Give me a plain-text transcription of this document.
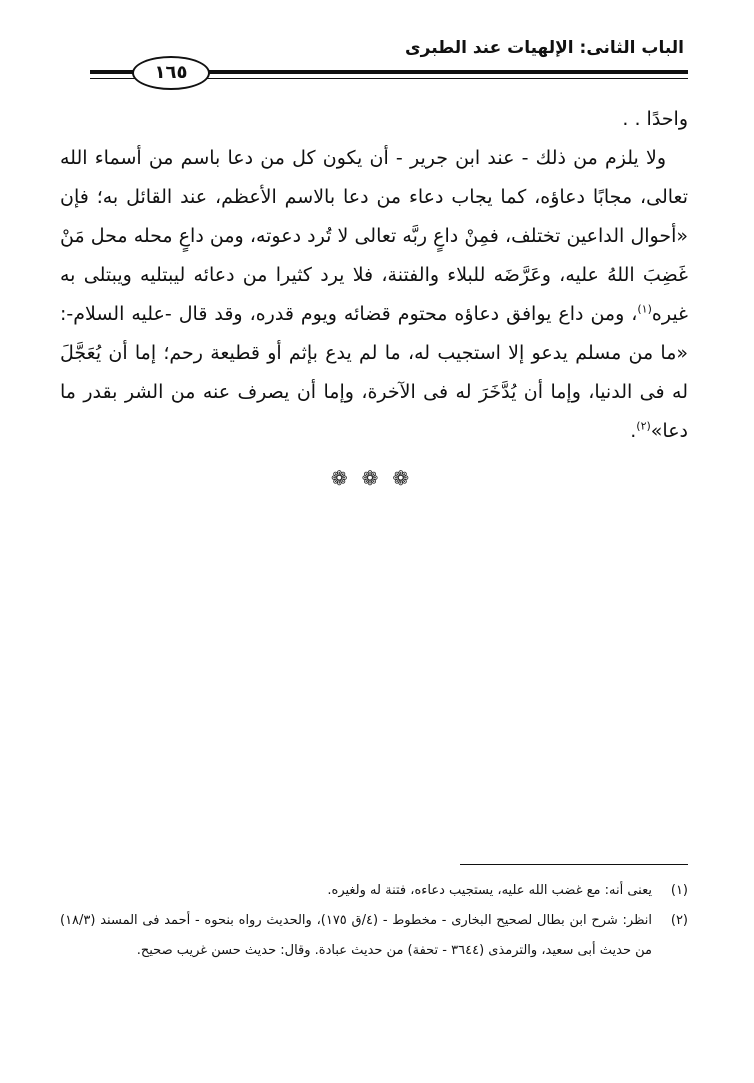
الباب الثانى: الإلهيات عند الطبرى
١٦٥

واحدًا . .

ولا يلزم من ذلك - عند ابن جرير - أن يكون كل من دعا باسم من أسماء الله تعالى، مجابًا دعاؤه، كما يجاب دعاء من دعا بالاسم الأعظم، عند القائل به؛ فإن «أحوال الداعين تختلف، فمِنْ داعٍ ربَّه تعالى لا تُرد دعوته، ومن داعٍ محله محل مَنْ غَضِبَ اللهُ عليه، وعَرَّضَه للبلاء والفتنة، فلا يرد كثيرا من دعائه ليبتليه ويبتلى به غيره$^{(١)}$، ومن داع يوافق دعاؤه محتوم قضائه ويوم قدره، وقد قال -عليه السلام-: «ما من مسلم يدعو إلا استجيب له، ما لم يدع بإثم أو قطيعة رحم؛ إما أن يُعَجَّلَ له فى الدنيا، وإما أن يُدَّخَرَ له فى الآخرة، وإما أن يصرف عنه من الشر بقدر ما دعا»$^{(٢)}$.

❁❁❁
(١)
يعنى أنه: مع غضب الله عليه، يستجيب دعاءه، فتنة له ولغيره.
(٢)
انظر: شرح ابن بطال لصحيح البخارى - مخطوط - (٤/ق ١٧٥)، والحديث رواه بنحوه - أحمد فى المسند (١٨/٣) من حديث أبى سعيد، والترمذى (٣٦٤٤ - تحفة) من حديث عبادة. وقال: حديث حسن غريب صحيح.
